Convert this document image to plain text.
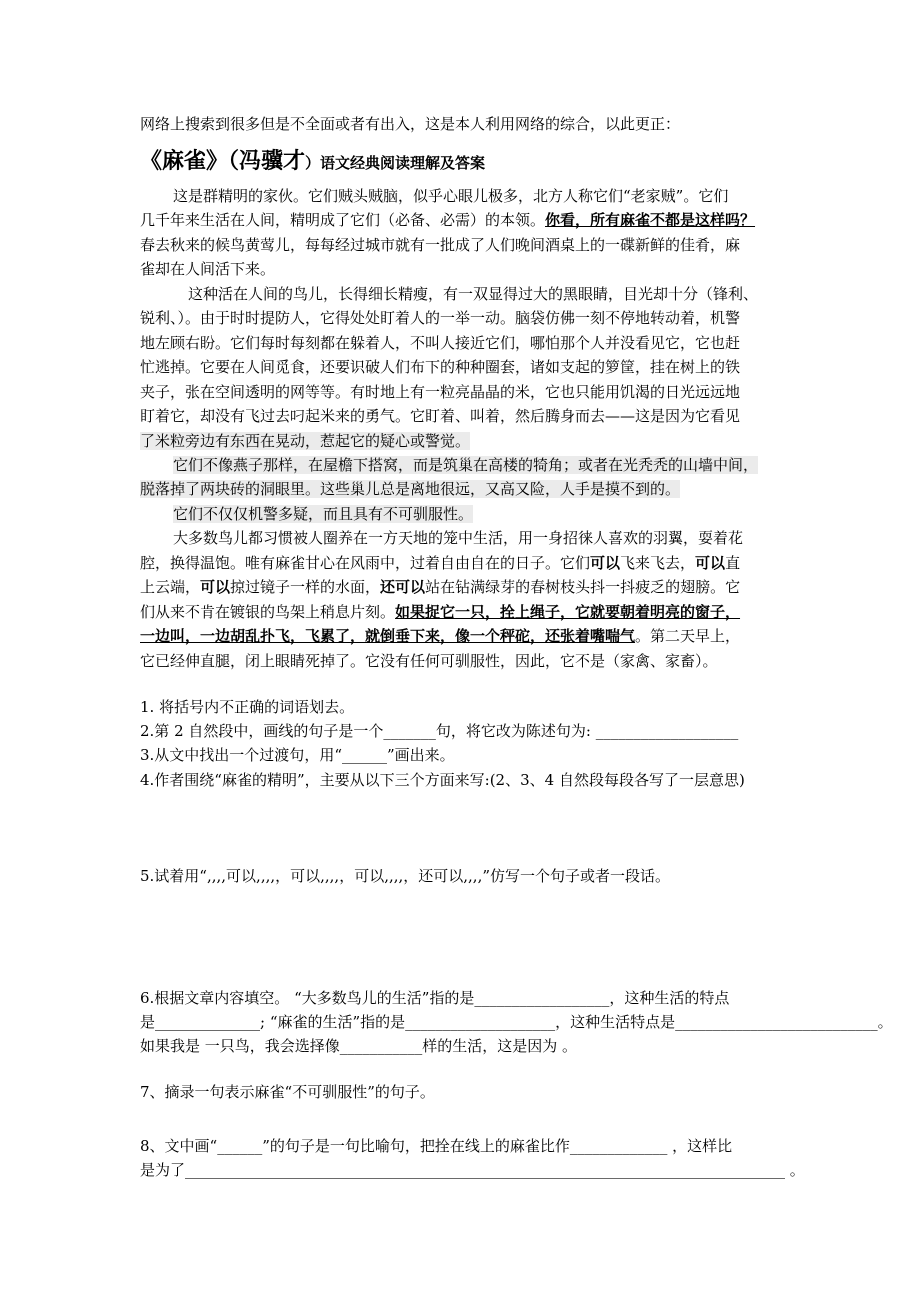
网络上搜索到很多但是不全面或者有出入，这是本人利用网络的综合，以此更正：
《麻雀》（冯骥才）语文经典阅读理解及答案
这是群精明的家伙。它们贼头贼脑，似乎心眼儿极多，北方人称它们“老家贼”。它们
几千年来生活在人间，精明成了它们（必备、必需）的本领。你看，所有麻雀不都是这样吗？
春去秋来的候鸟黄莺儿，每每经过城市就有一批成了人们晚间酒桌上的一碟新鲜的佳肴，麻
雀却在人间活下来。
这种活在人间的鸟儿，长得细长精瘦，有一双显得过大的黑眼睛，目光却十分（锋利、
锐利、）。由于时时提防人，它得处处盯着人的一举一动。脑袋仿佛一刻不停地转动着，机警
地左顾右盼。它们每时每刻都在躲着人，不叫人接近它们，哪怕那个人并没看见它，它也赶
忙逃掉。它要在人间觅食，还要识破人们布下的种种圈套，诸如支起的箩筐，挂在树上的铁
夹子，张在空间透明的网等等。有时地上有一粒亮晶晶的米，它也只能用饥渴的日光远远地
盯着它，却没有飞过去叼起米来的勇气。它盯着、叫着，然后腾身而去——这是因为它看见
了米粒旁边有东西在晃动，惹起它的疑心或警觉。
它们不像燕子那样，在屋檐下搭窝，而是筑巢在高楼的犄角；或者在光秃秃的山墙中间，
脱落掉了两块砖的洞眼里。这些巢儿总是离地很远，又高又险，人手是摸不到的。
它们不仅仅机警多疑，而且具有不可驯服性。
大多数鸟儿都习惯被人圈养在一方天地的笼中生活，用一身招徕人喜欢的羽翼，耍着花
腔，换得温饱。唯有麻雀甘心在风雨中，过着自由自在的日子。它们可以飞来飞去，可以直
上云端，可以掠过镜子一样的水面，还可以站在钻满绿芽的春树枝头抖一抖疲乏的翅膀。它
们从来不肯在镀银的鸟架上稍息片刻。如果捉它一只，拴上绳子，它就要朝着明亮的窗子，
一边叫，一边胡乱扑飞，飞累了，就倒垂下来，像一个秤砣，还张着嘴喘气。第二天早上，
它已经伸直腿，闭上眼睛死掉了。它没有任何可驯服性，因此，它不是（家禽、家畜）。
1. 将括号内不正确的词语划去。
2.第 2 自然段中，画线的句子是一个_______句，将它改为陈述句为: ___________________
3.从文中找出一个过渡句，用“______”画出来。
4.作者围绕“麻雀的精明”，主要从以下三个方面来写:(2、3、4 自然段每段各写了一层意思)
5.试着用“,,,,可以,,,,，可以,,,,，可以,,,,，还可以,,,,”仿写一个句子或者一段话。
6.根据文章内容填空。 “大多数鸟儿的生活”指的是__________________，这种生活的特点
是______________; “麻雀的生活”指的是____________________，这种生活特点是___________________________。
如果我是 一只鸟，我会选择像___________样的生活，这是因为 。
7、摘录一句表示麻雀“不可驯服性”的句子。
8、文中画“______”的句子是一句比喻句，把拴在线上的麻雀比作_____________ ，这样比
是为了________________________________________________________________________________ 。
